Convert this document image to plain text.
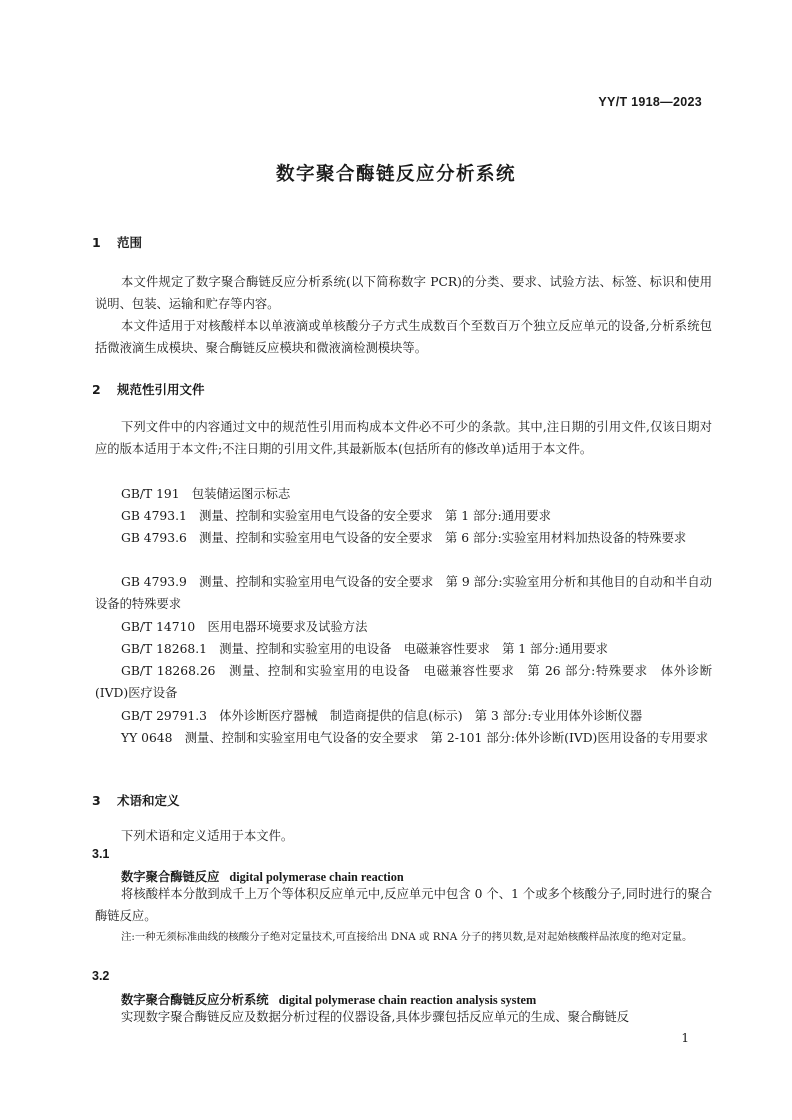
YY/T 1918—2023
数字聚合酶链反应分析系统
1 范围

本文件规定了数字聚合酶链反应分析系统(以下简称数字 PCR)的分类、要求、试验方法、标签、标识和使用说明、包装、运输和贮存等内容。

本文件适用于对核酸样本以单液滴或单核酸分子方式生成数百个至数百万个独立反应单元的设备,分析系统包括微液滴生成模块、聚合酶链反应模块和微液滴检测模块等。

2 规范性引用文件

下列文件中的内容通过文中的规范性引用而构成本文件必不可少的条款。其中,注日期的引用文件,仅该日期对应的版本适用于本文件;不注日期的引用文件,其最新版本(包括所有的修改单)适用于本文件。

GB/T 191　包装储运图示标志

GB 4793.1　测量、控制和实验室用电气设备的安全要求　第 1 部分:通用要求

GB 4793.6　测量、控制和实验室用电气设备的安全要求　第 6 部分:实验室用材料加热设备的特殊要求

GB 4793.9　测量、控制和实验室用电气设备的安全要求　第 9 部分:实验室用分析和其他目的自动和半自动设备的特殊要求

GB/T 14710　医用电器环境要求及试验方法

GB/T 18268.1　测量、控制和实验室用的电设备　电磁兼容性要求　第 1 部分:通用要求

GB/T 18268.26　测量、控制和实验室用的电设备　电磁兼容性要求　第 26 部分:特殊要求　体外诊断(IVD)医疗设备

GB/T 29791.3　体外诊断医疗器械　制造商提供的信息(标示)　第 3 部分:专业用体外诊断仪器

YY 0648　测量、控制和实验室用电气设备的安全要求　第 2-101 部分:体外诊断(IVD)医用设备的专用要求

3 术语和定义

下列术语和定义适用于本文件。

3.1
数字聚合酶链反应 digital polymerase chain reaction

将核酸样本分散到成千上万个等体积反应单元中,反应单元中包含 0 个、1 个或多个核酸分子,同时进行的聚合酶链反应。

注:一种无须标准曲线的核酸分子绝对定量技术,可直接给出 DNA 或 RNA 分子的拷贝数,是对起始核酸样品浓度的绝对定量。

3.2
数字聚合酶链反应分析系统 digital polymerase chain reaction analysis system

实现数字聚合酶链反应及数据分析过程的仪器设备,具体步骤包括反应单元的生成、聚合酶链反

1
